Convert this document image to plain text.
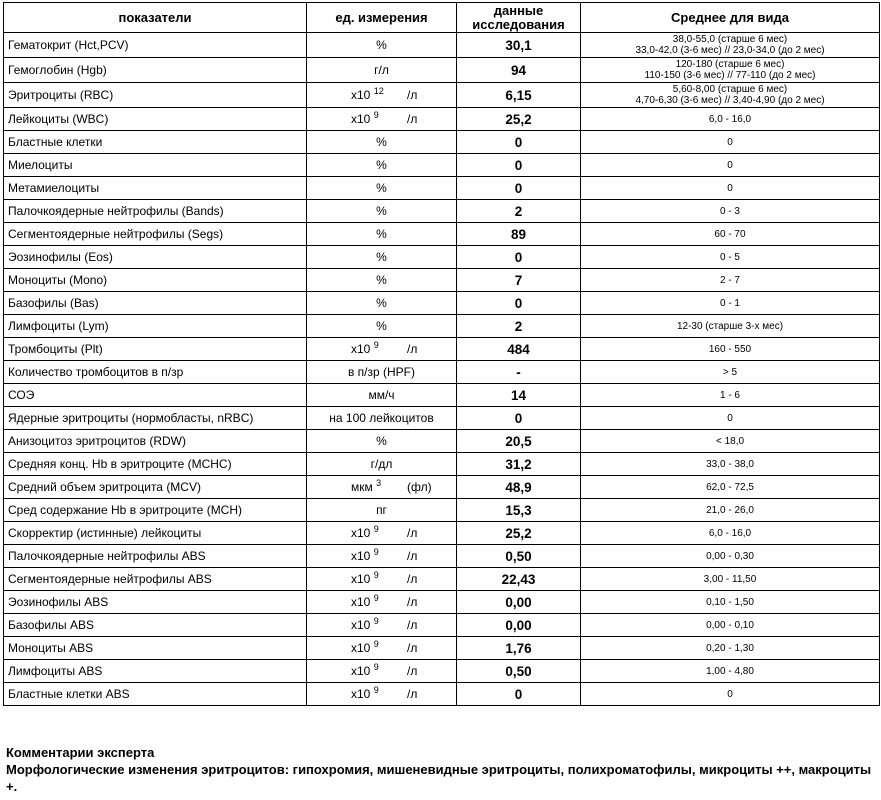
показатели	ед. измерения	данные исследования	Среднее для вида
Гематокрит (Hct,PCV)	%	30,1	38,0-55,0 (старше 6 мес)
33,0-42,0 (3-6 мес) // 23,0-34,0 (до 2 мес)

Гемоглобин (Hgb)	г/л	94	120-180 (старше 6 мес)
110-150 (3-6 мес) // 77-110 (до 2 мес)

Эритроциты (RBC)	x10 $^{12}$ /л	6,15	5,60-8,00 (старше 6 мес)
4,70-6,30 (3-6 мес) // 3,40-4,90 (до 2 мес)

Лейкоциты (WBC)	x10 $^9$ /л	25,2	6,0 - 16,0

Бластные клетки	%	0	0

Миелоциты	%	0	0

Метамиелоциты	%	0	0

Палочкоядерные нейтрофилы (Bands)	%	2	0 - 3

Сегментоядерные нейтрофилы (Segs)	%	89	60 - 70

Эозинофилы (Eos)	%	0	0 - 5

Моноциты (Mono)	%	7	2 - 7

Базофилы (Bas)	%	0	0 - 1

Лимфоциты (Lym)	%	2	12-30 (старше 3-х мес)

Тромбоциты (Plt)	x10 $^9$ /л	484	160 - 550

Количество тромбоцитов в п/зр	в п/зр (HPF)	-	> 5

СОЭ	мм/ч	14	1 - 6

Ядерные эритроциты (нормобласты, nRBC)	на 100 лейкоцитов	0	0

Анизоцитоз эритроцитов (RDW)	%	20,5	< 18,0

Средняя конц. Hb в эритроците (MCHC)	г/дл	31,2	33,0 - 38,0

Средний объем эритроцита (MCV)	мкм $^3$ (фл)	48,9	62,0 - 72,5

Сред содержание Hb в эритроците (MCH)	пг	15,3	21,0 - 26,0

Скорректир (истинные) лейкоциты	x10 $^9$ /л	25,2	6,0 - 16,0

Палочкоядерные нейтрофилы ABS	x10 $^9$ /л	0,50	0,00 - 0,30

Сегментоядерные нейтрофилы ABS	x10 $^9$ /л	22,43	3,00 - 11,50

Эозинофилы ABS	x10 $^9$ /л	0,00	0,10 - 1,50

Базофилы ABS	x10 $^9$ /л	0,00	0,00 - 0,10

Моноциты ABS	x10 $^9$ /л	1,76	0,20 - 1,30

Лимфоциты ABS	x10 $^9$ /л	0,50	1,00 - 4,80

Бластные клетки ABS	x10 $^9$ /л	0	0
Комментарии эксперта
Морфологические изменения эритроцитов: гипохромия, мишеневидные эритроциты, полихроматофилы, микроциты ++, макроциты +.
